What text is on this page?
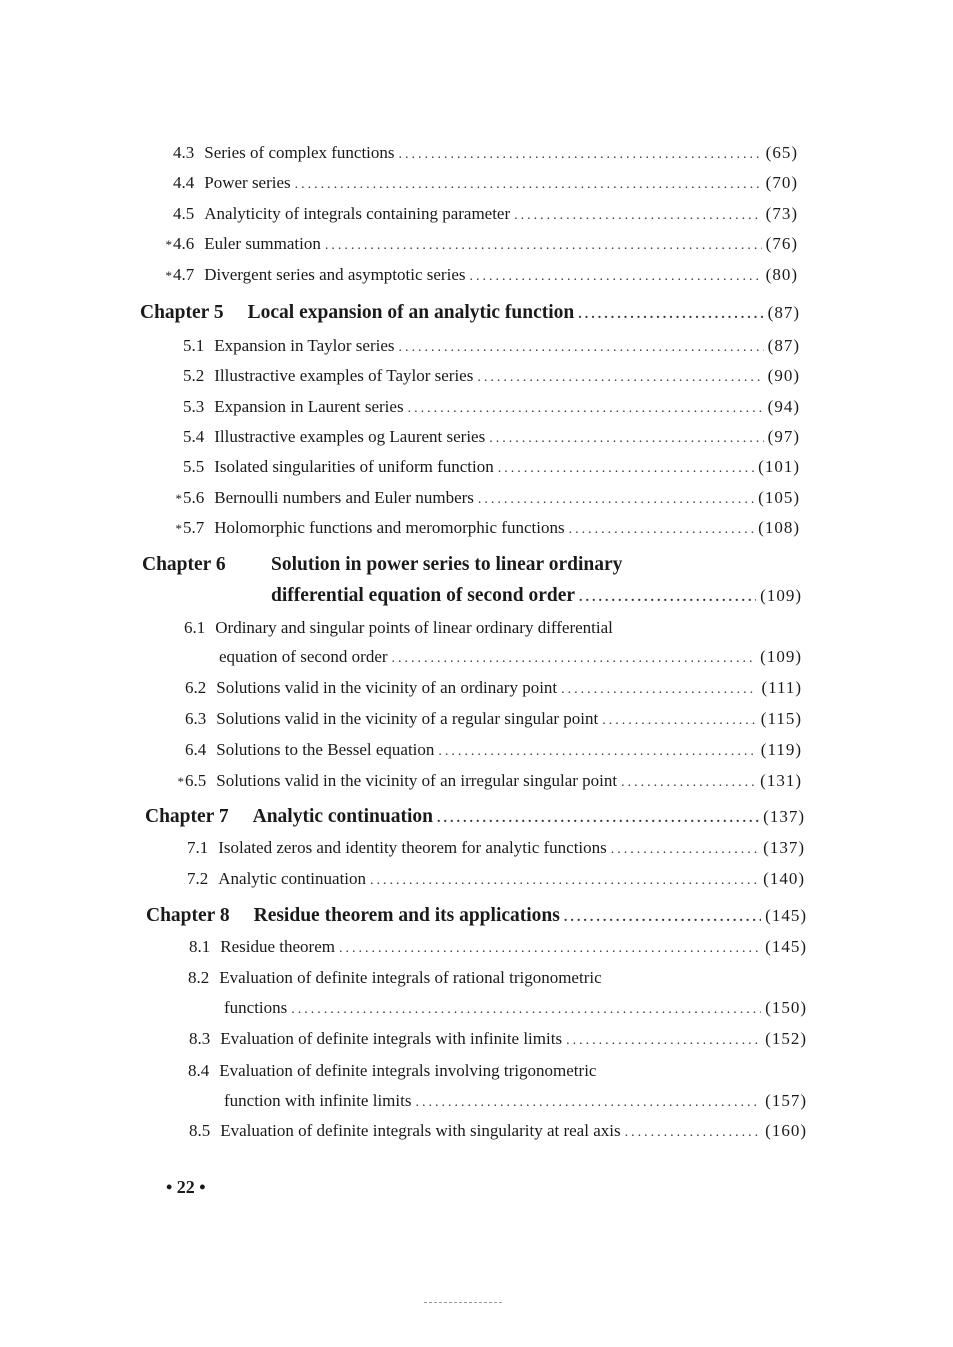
4.3 Series of complex functions .....	(65)
4.4 Power series .....	(70)
4.5 Analyticity of integrals containing parameter .....	(73)
* 4.6 Euler summation .....	(76)
* 4.7 Divergent series and asymptotic series .....	(80)
Chapter 5 Local expansion of an analytic function .....	(87)
5.1 Expansion in Taylor series .....	(87)
5.2 Illustractive examples of Taylor series .....	(90)
5.3 Expansion in Laurent series .....	(94)
5.4 Illustractive examples og Laurent series .....	(97)
5.5 Isolated singularities of uniform function .....	(101)
* 5.6 Bernoulli numbers and Euler numbers .....	(105)
* 5.7 Holomorphic functions and meromorphic functions .....	(108)
Chapter 6 Solution in power series to linear ordinary
differential equation of second order .....	(109)
6.1 Ordinary and singular points of linear ordinary differential
equation of second order .....	(109)
6.2 Solutions valid in the vicinity of an ordinary point .....	(111)
6.3 Solutions valid in the vicinity of a regular singular point .....	(115)
6.4 Solutions to the Bessel equation .....	(119)
* 6.5 Solutions valid in the vicinity of an irregular singular point .....	(131)
Chapter 7 Analytic continuation .....	(137)
7.1 Isolated zeros and identity theorem for analytic functions .....	(137)
7.2 Analytic continuation .....	(140)
Chapter 8 Residue theorem and its applications .....	(145)
8.1 Residue theorem .....	(145)
8.2 Evaluation of definite integrals of rational trigonometric
functions .....	(150)
8.3 Evaluation of definite integrals with infinite limits .....	(152)
8.4 Evaluation of definite integrals involving trigonometric
function with infinite limits .....	(157)
8.5 Evaluation of definite integrals with singularity at real axis .....	(160)
• 22 •
